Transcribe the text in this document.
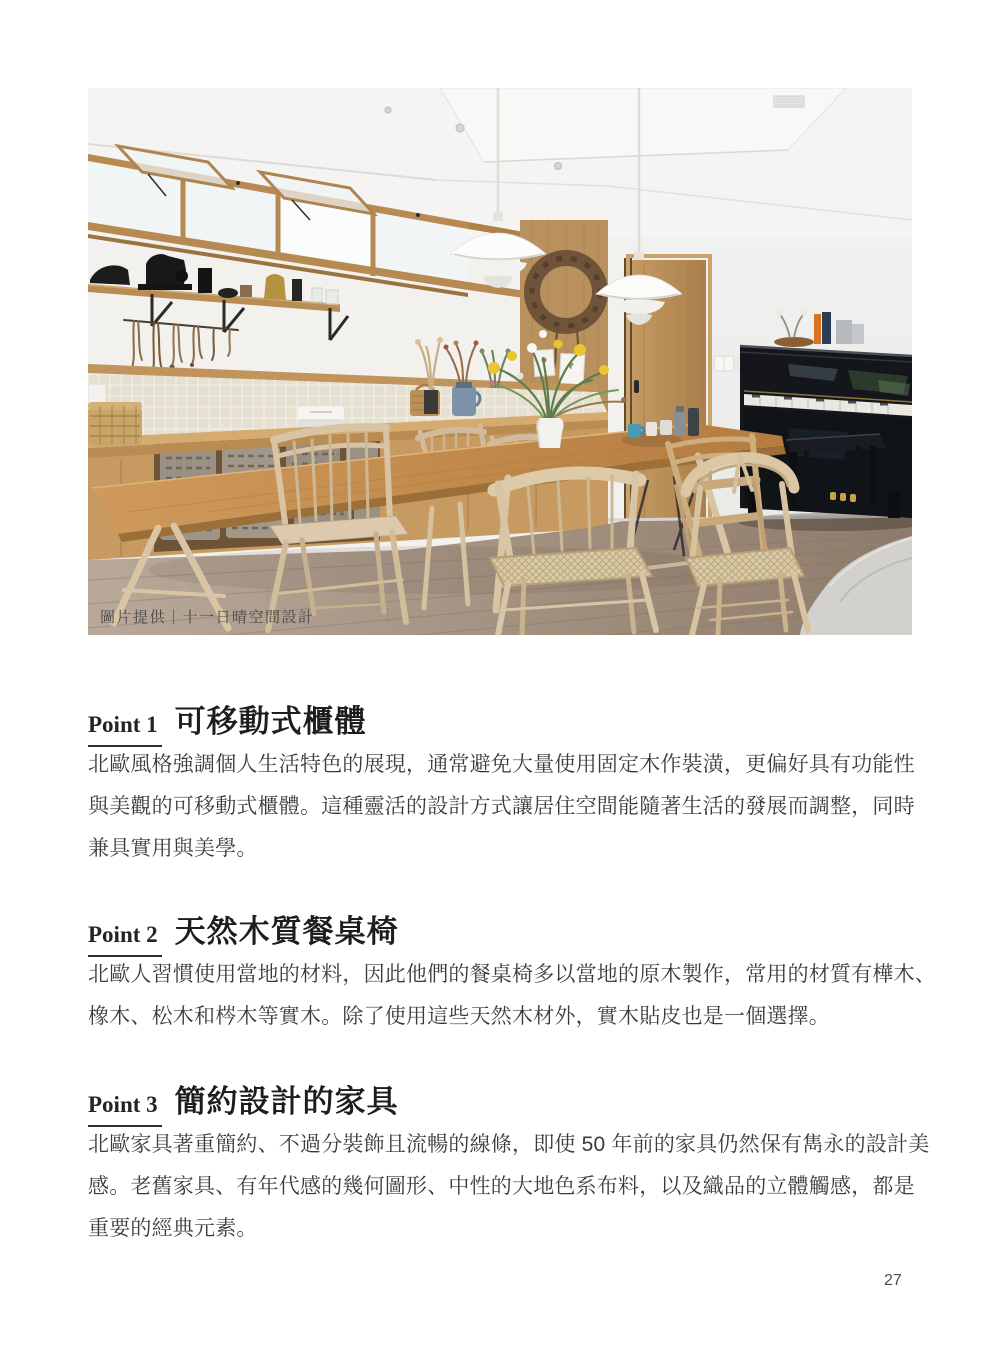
圖片提供｜十一日晴空間設計
Point 1 可移動式櫃體
北歐風格強調個人生活特色的展現，通常避免大量使用固定木作裝潢，更偏好具有功能性
與美觀的可移動式櫃體。這種靈活的設計方式讓居住空間能隨著生活的發展而調整，同時
兼具實用與美學。
Point 2 天然木質餐桌椅
北歐人習慣使用當地的材料，因此他們的餐桌椅多以當地的原木製作，常用的材質有樺木、
橡木、松木和梣木等實木。除了使用這些天然木材外，實木貼皮也是一個選擇。
Point 3 簡約設計的家具
北歐家具著重簡約、不過分裝飾且流暢的線條，即使 50 年前的家具仍然保有雋永的設計美
感。老舊家具、有年代感的幾何圖形、中性的大地色系布料，以及織品的立體觸感，都是
重要的經典元素。
27
